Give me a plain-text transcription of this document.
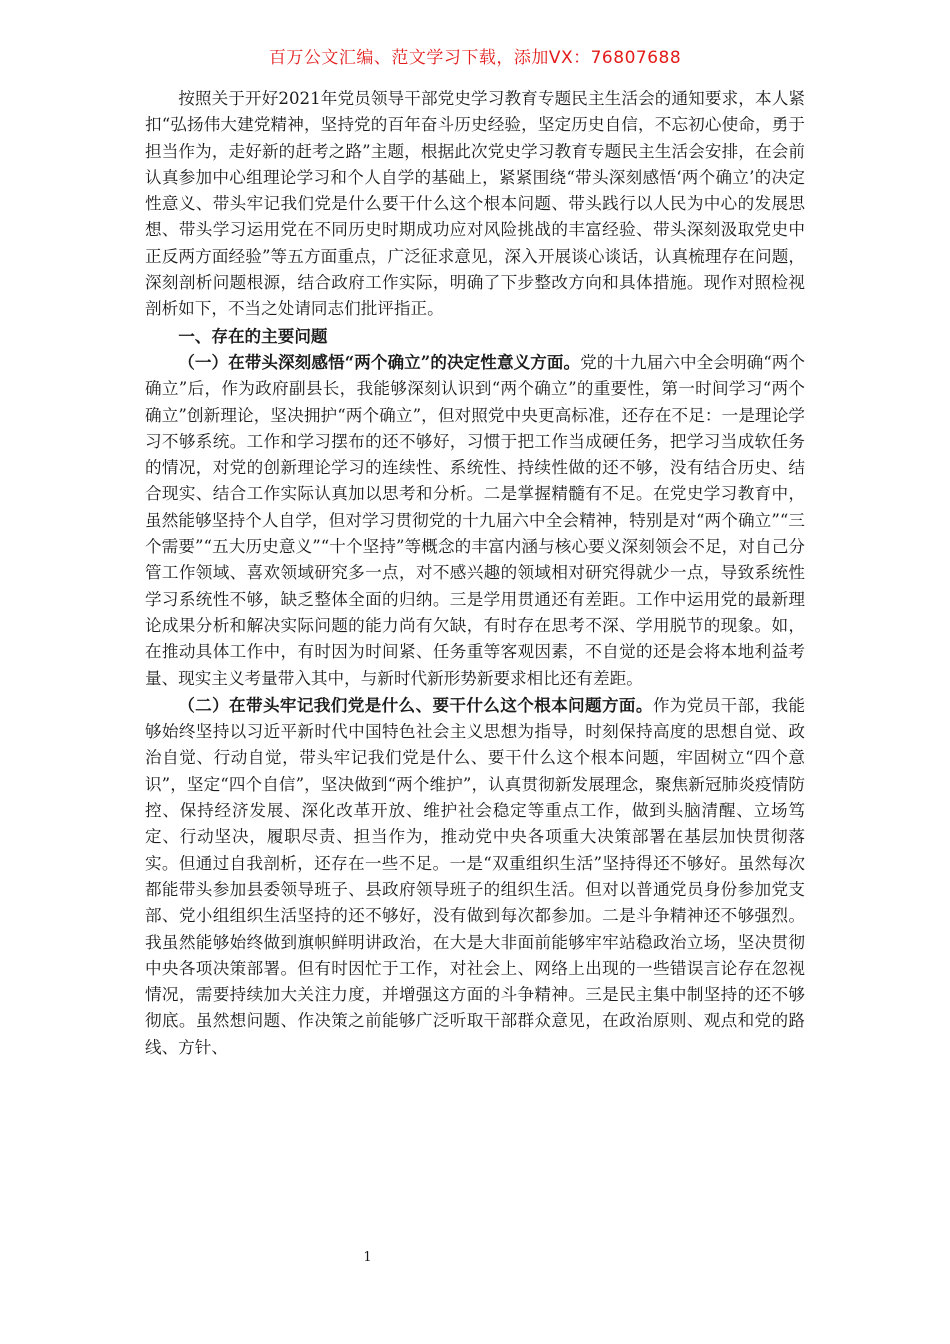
百万公文汇编、范文学习下载，添加VX：76807688

按照关于开好2021年党员领导干部党史学习教育专题民主生活会的通知要求，本人紧扣“弘扬伟大建党精神，坚持党的百年奋斗历史经验，坚定历史自信，不忘初心使命，勇于担当作为，走好新的赶考之路”主题，根据此次党史学习教育专题民主生活会安排，在会前认真参加中心组理论学习和个人自学的基础上，紧紧围绕“带头深刻感悟‘两个确立’的决定性意义、带头牢记我们党是什么要干什么这个根本问题、带头践行以人民为中心的发展思想、带头学习运用党在不同历史时期成功应对风险挑战的丰富经验、带头深刻汲取党史中正反两方面经验”等五方面重点，广泛征求意见，深入开展谈心谈话，认真梳理存在问题，深刻剖析问题根源，结合政府工作实际，明确了下步整改方向和具体措施。现作对照检视剖析如下，不当之处请同志们批评指正。

一、存在的主要问题

（一）在带头深刻感悟“两个确立”的决定性意义方面。党的十九届六中全会明确“两个确立”后，作为政府副县长，我能够深刻认识到“两个确立”的重要性，第一时间学习“两个确立”创新理论，坚决拥护“两个确立”，但对照党中央更高标准，还存在不足：一是理论学习不够系统。工作和学习摆布的还不够好，习惯于把工作当成硬任务，把学习当成软任务的情况，对党的创新理论学习的连续性、系统性、持续性做的还不够，没有结合历史、结合现实、结合工作实际认真加以思考和分析。二是掌握精髓有不足。在党史学习教育中，虽然能够坚持个人自学，但对学习贯彻党的十九届六中全会精神，特别是对“两个确立”“三个需要”“五大历史意义”“十个坚持”等概念的丰富内涵与核心要义深刻领会不足，对自己分管工作领域、喜欢领域研究多一点，对不感兴趣的领域相对研究得就少一点，导致系统性学习系统性不够，缺乏整体全面的归纳。三是学用贯通还有差距。工作中运用党的最新理论成果分析和解决实际问题的能力尚有欠缺，有时存在思考不深、学用脱节的现象。如，在推动具体工作中，有时因为时间紧、任务重等客观因素，不自觉的还是会将本地利益考量、现实主义考量带入其中，与新时代新形势新要求相比还有差距。

（二）在带头牢记我们党是什么、要干什么这个根本问题方面。作为党员干部，我能够始终坚持以习近平新时代中国特色社会主义思想为指导，时刻保持高度的思想自觉、政治自觉、行动自觉，带头牢记我们党是什么、要干什么这个根本问题，牢固树立“四个意识”，坚定“四个自信”，坚决做到“两个维护”，认真贯彻新发展理念，聚焦新冠肺炎疫情防控、保持经济发展、深化改革开放、维护社会稳定等重点工作，做到头脑清醒、立场笃定、行动坚决，履职尽责、担当作为，推动党中央各项重大决策部署在基层加快贯彻落实。但通过自我剖析，还存在一些不足。一是“双重组织生活”坚持得还不够好。虽然每次都能带头参加县委领导班子、县政府领导班子的组织生活。但对以普通党员身份参加党支部、党小组组织生活坚持的还不够好，没有做到每次都参加。二是斗争精神还不够强烈。我虽然能够始终做到旗帜鲜明讲政治，在大是大非面前能够牢牢站稳政治立场，坚决贯彻中央各项决策部署。但有时因忙于工作，对社会上、网络上出现的一些错误言论存在忽视情况，需要持续加大关注力度，并增强这方面的斗争精神。三是民主集中制坚持的还不够彻底。虽然想问题、作决策之前能够广泛听取干部群众意见，在政治原则、观点和党的路线、方针、

1
